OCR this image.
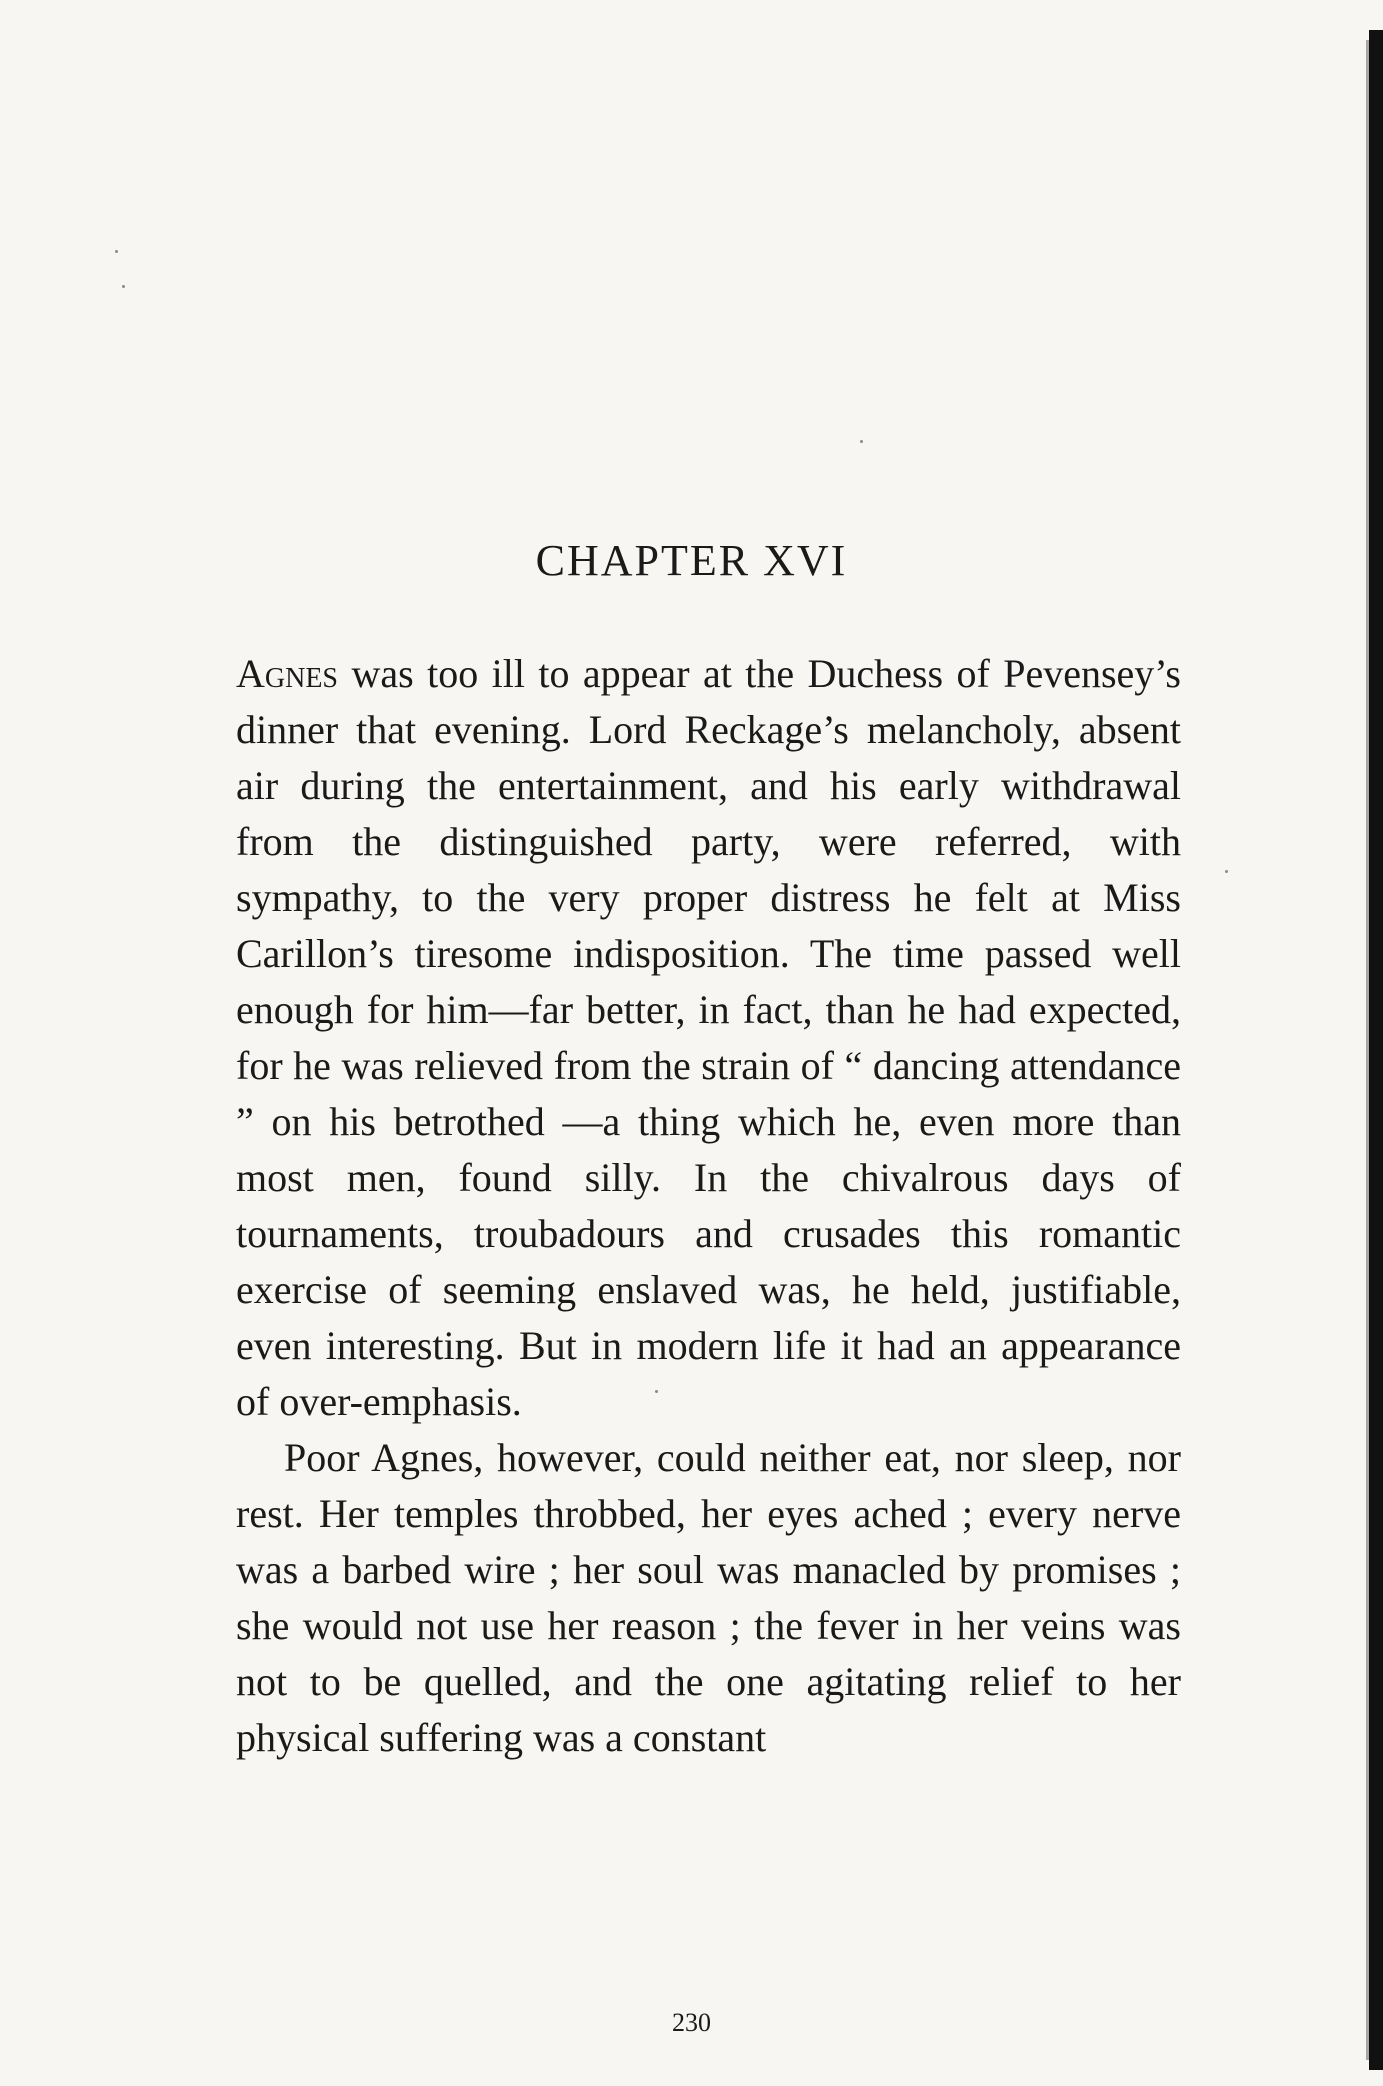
CHAPTER XVI

Agnes was too ill to appear at the Duchess of Pevensey’s dinner that evening. Lord Reckage’s melancholy, absent air during the entertainment, and his early withdrawal from the distinguished party, were referred, with sympathy, to the very proper distress he felt at Miss Carillon’s tiresome indisposition. The time passed well enough for him—far better, in fact, than he had expected, for he was relieved from the strain of “ dancing attendance ” on his betrothed —a thing which he, even more than most men, found silly. In the chivalrous days of tournaments, troubadours and crusades this romantic exercise of seeming enslaved was, he held, justifiable, even interesting. But in modern life it had an appearance of over-emphasis.

Poor Agnes, however, could neither eat, nor sleep, nor rest. Her temples throbbed, her eyes ached ; every nerve was a barbed wire ; her soul was manacled by promises ; she would not use her reason ; the fever in her veins was not to be quelled, and the one agitating relief to her physical suffering was a constant

230
